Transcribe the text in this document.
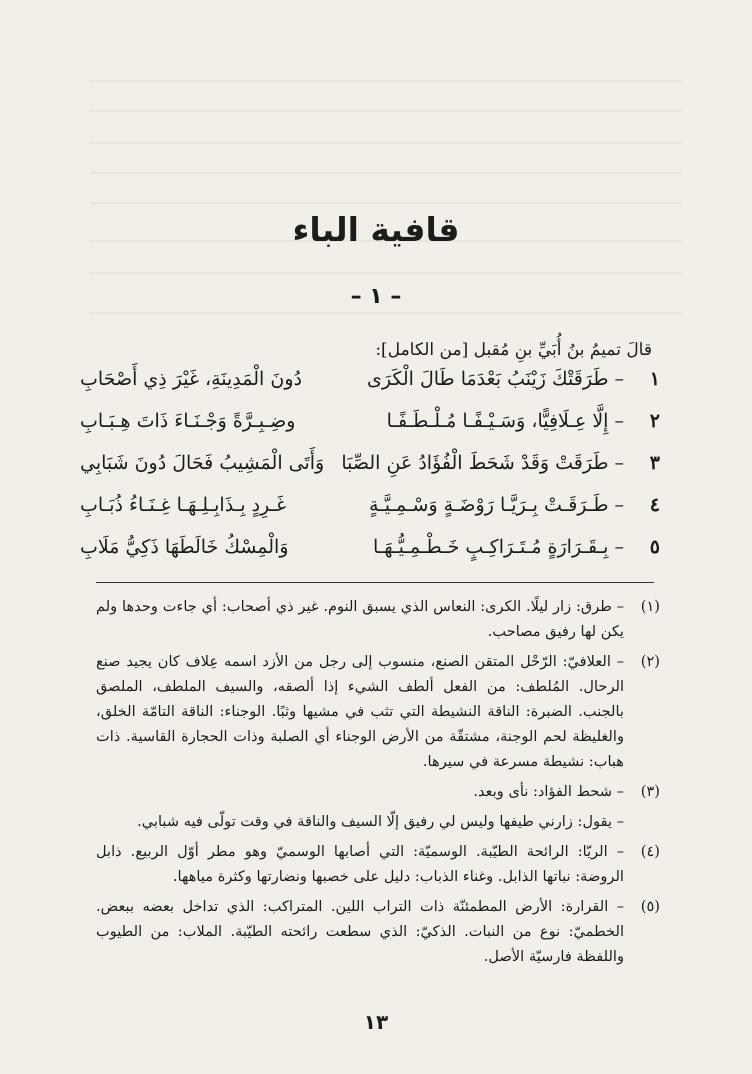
قافية الباء
– ١ –
قالَ تميمُ بنُ أُبَيِّ بنِ مُقبل [من الكامل]:
١
– طَرَقَتْكَ زَيْنَبُ بَعْدَمَا طَالَ الْكَرَى
دُونَ الْمَدِينَةِ، غَيْرَ ذِي أَصْحَابِ
٢
– إِلَّا عِـلَافِيًّا، وَسَـيْـفًـا مُـلْـطَـفًـا
وضِـبِـرَّةً وَجْـنَـاءَ ذَاتَ هِـبَـابِ
٣
– طَرَقَتْ وَقَدْ شَحَطَ الْفُؤَادُ عَنِ الصِّبَا
وَأَتَى الْمَشِيبُ فَحَالَ دُونَ شَبَابِي
٤
– طَـرَقَـتْ بِـرَيَّـا رَوْضَـةٍ وَسْـمِـيَّـةٍ
غَـرِدٍ بِـذَابِـلِـهَـا غِـنَـاءُ ذُبَـابِ
٥
– بِـقَـرَارَةٍ مُـتَـرَاكِـبٍ خَـطْـمِـيُّـهَـا
وَالْمِسْكُ خَالَطَهَا ذَكِيُّ مَلَابِ
(١)
– طرق: زار ليلًا. الكرى: النعاس الذي يسبق النوم. غير ذي أصحاب: أي جاءت وحدها ولم يكن لها رفيق مصاحب.
(٢)
– العلافيّ: الرّحْل المتقن الصنع، منسوب إلى رجل من الأزد اسمه عِلاف كان يجيد صنع الرحال. المُلطف: من الفعل ألطف الشيء إذا ألصقه، والسيف الملطف، الملصق بالجنب. الضبرة: الناقة النشيطة التي تثب في مشيها وثبًا. الوجناء: الناقة التامّة الخلق، والغليظة لحم الوجنة، مشتقّة من الأرض الوجناء أي الصلبة وذات الحجارة القاسية. ذات هباب: نشيطة مسرعة في سيرها.
(٣)
– شحط الفؤاد: نأى وبعد.
– يقول: زارني طيفها وليس لي رفيق إلّا السيف والناقة في وقت تولّى فيه شبابي.
(٤)
– الريّا: الرائحة الطيّبة. الوسميّة: التي أصابها الوسميّ وهو مطر أوّل الربيع. ذابل الروضة: نباتها الذابل. وغناء الذباب: دليل على خصبها ونضارتها وكثرة مياهها.
(٥)
– القرارة: الأرض المطمئنّة ذات التراب اللين. المتراكب: الذي تداخل بعضه ببعض. الخطميّ: نوع من النبات. الذكيّ: الذي سطعت رائحته الطيّبة. الملاب: من الطيوب واللفظة فارسيّة الأصل.
١٣
